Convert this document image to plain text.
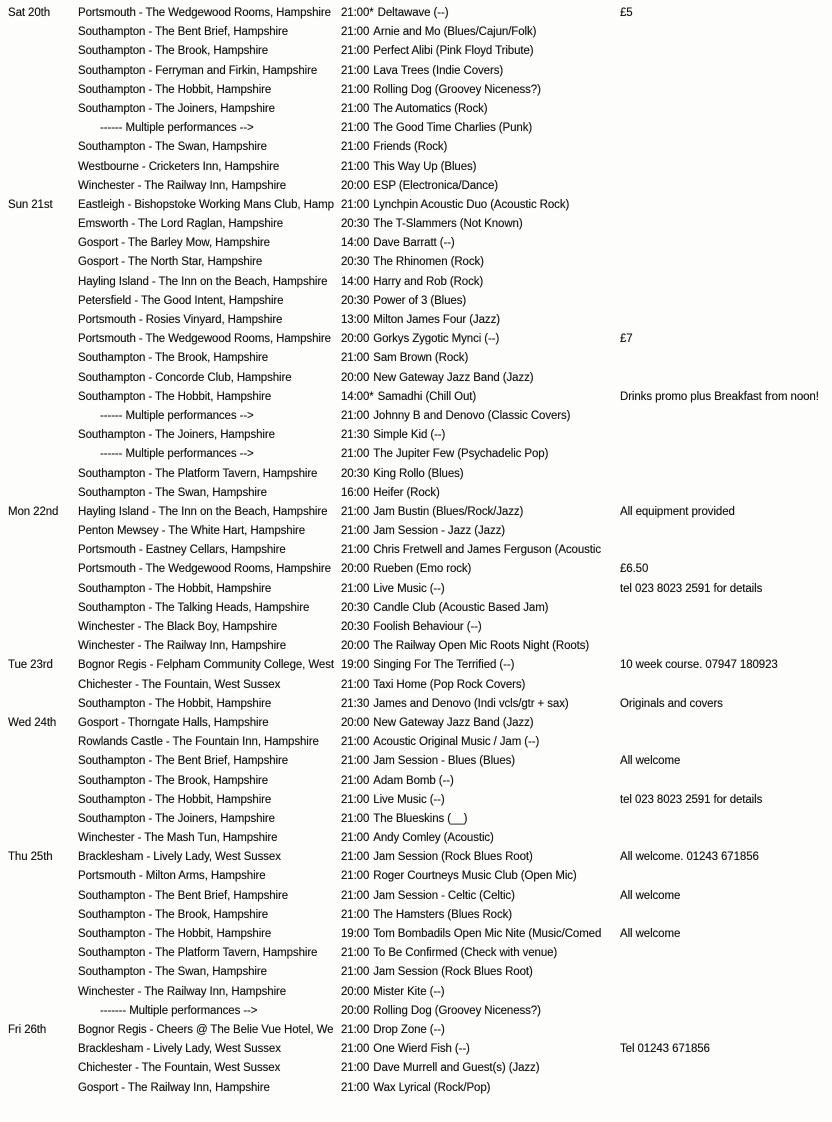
Sat 20th	Portsmouth - The Wedgewood Rooms, Hampshire 21:00* Deltawave (--)	£5
Southampton - The Bent Brief, Hampshire	21:00 Arnie and Mo (Blues/Cajun/Folk)
Southampton - The Brook, Hampshire	21:00 Perfect Alibi (Pink Floyd Tribute)
Southampton - Ferryman and Firkin, Hampshire	21:00 Lava Trees (Indie Covers)
Southampton - The Hobbit, Hampshire	21:00 Rolling Dog (Groovey Niceness?)
Southampton - The Joiners, Hampshire	21:00 The Automatics (Rock)
------ Multiple performances -->	21:00 The Good Time Charlies (Punk)
Southampton - The Swan, Hampshire	21:00 Friends (Rock)
Westbourne - Cricketers Inn, Hampshire	21:00 This Way Up (Blues)
Winchester - The Railway Inn, Hampshire	20:00 ESP (Electronica/Dance)
Sun 21st	Eastleigh - Bishopstoke Working Mans Club, Hamp 21:00 Lynchpin Acoustic Duo (Acoustic Rock)
Emsworth - The Lord Raglan, Hampshire	20:30 The T-Slammers (Not Known)
Gosport - The Barley Mow, Hampshire	14:00 Dave Barratt (--)
Gosport - The North Star, Hampshire	20:30 The Rhinomen (Rock)
Hayling Island - The Inn on the Beach, Hampshire	14:00 Harry and Rob (Rock)
Petersfield - The Good Intent, Hampshire	20:30 Power of 3 (Blues)
Portsmouth - Rosies Vinyard, Hampshire	13:00 Milton James Four (Jazz)
Portsmouth - The Wedgewood Rooms, Hampshire 20:00 Gorkys Zygotic Mynci (--)	£7
Southampton - The Brook, Hampshire	21:00 Sam Brown (Rock)
Southampton - Concorde Club, Hampshire	20:00 New Gateway Jazz Band (Jazz)
Southampton - The Hobbit, Hampshire	14:00* Samadhi (Chill Out)	Drinks promo plus Breakfast from noon!
------ Multiple performances -->	21:00 Johnny B and Denovo (Classic Covers)
Southampton - The Joiners, Hampshire	21:30 Simple Kid (--)
------ Multiple performances -->	21:00 The Jupiter Few (Psychadelic Pop)
Southampton - The Platform Tavern, Hampshire	20:30 King Rollo (Blues)
Southampton - The Swan, Hampshire	16:00 Heifer (Rock)
Mon 22nd	Hayling Island - The Inn on the Beach, Hampshire	21:00 Jam Bustin (Blues/Rock/Jazz)	All equipment provided
Penton Mewsey - The White Hart, Hampshire	21:00 Jam Session - Jazz (Jazz)
Portsmouth - Eastney Cellars, Hampshire	21:00 Chris Fretwell and James Ferguson (Acoustic
Portsmouth - The Wedgewood Rooms, Hampshire 20:00 Rueben (Emo rock)	£6.50
Southampton - The Hobbit, Hampshire	21:00 Live Music (--)	tel 023 8023 2591 for details
Southampton - The Talking Heads, Hampshire	20:30 Candle Club (Acoustic Based Jam)
Winchester - The Black Boy, Hampshire	20:30 Foolish Behaviour (--)
Winchester - The Railway Inn, Hampshire	20:00 The Railway Open Mic Roots Night (Roots)
Tue 23rd	Bognor Regis - Felpham Community College, West 19:00 Singing For The Terrified (--)	10 week course. 07947 180923
Chichester - The Fountain, West Sussex	21:00 Taxi Home (Pop Rock Covers)
Southampton - The Hobbit, Hampshire	21:30 James and Denovo (Indi vcls/gtr + sax)	Originals and covers
Wed 24th	Gosport - Thorngate Halls, Hampshire	20:00 New Gateway Jazz Band (Jazz)
Rowlands Castle - The Fountain Inn, Hampshire	21:00 Acoustic Original Music / Jam (--)
Southampton - The Bent Brief, Hampshire	21:00 Jam Session - Blues (Blues)	All welcome
Southampton - The Brook, Hampshire	21:00 Adam Bomb (--)
Southampton - The Hobbit, Hampshire	21:00 Live Music (--)	tel 023 8023 2591 for details
Southampton - The Joiners, Hampshire	21:00 The Blueskins (__)
Winchester - The Mash Tun, Hampshire	21:00 Andy Comley (Acoustic)
Thu 25th	Bracklesham - Lively Lady, West Sussex	21:00 Jam Session (Rock Blues Root)	All welcome. 01243 671856
Portsmouth - Milton Arms, Hampshire	21:00 Roger Courtneys Music Club (Open Mic)
Southampton - The Bent Brief, Hampshire	21:00 Jam Session - Celtic (Celtic)	All welcome
Southampton - The Brook, Hampshire	21:00 The Hamsters (Blues Rock)
Southampton - The Hobbit, Hampshire	19:00 Tom Bombadils Open Mic Nite (Music/Comed	All welcome
Southampton - The Platform Tavern, Hampshire	21:00 To Be Confirmed (Check with venue)
Southampton - The Swan, Hampshire	21:00 Jam Session (Rock Blues Root)
Winchester - The Railway Inn, Hampshire	20:00 Mister Kite (--)
------- Multiple performances -->	20:00 Rolling Dog (Groovey Niceness?)
Fri 26th	Bognor Regis - Cheers @ The Belie Vue Hotel, We 21:00 Drop Zone (--)
Bracklesham - Lively Lady, West Sussex	21:00 One Wierd Fish (--)	Tel 01243 671856
Chichester - The Fountain, West Sussex	21:00 Dave Murrell and Guest(s) (Jazz)
Gosport - The Railway Inn, Hampshire	21:00 Wax Lyrical (Rock/Pop)
